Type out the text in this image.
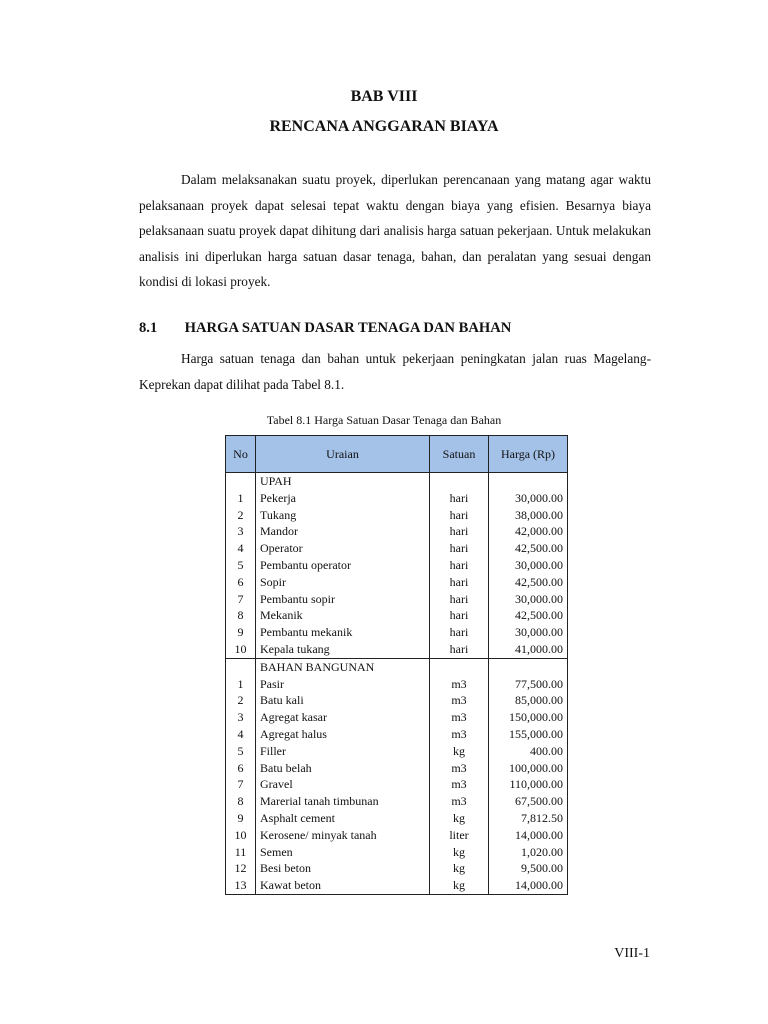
BAB VIII
RENCANA ANGGARAN BIAYA

Dalam melaksanakan suatu proyek, diperlukan perencanaan yang matang agar waktu pelaksanaan proyek dapat selesai tepat waktu dengan biaya yang efisien. Besarnya biaya pelaksanaan suatu proyek dapat dihitung dari analisis harga satuan pekerjaan. Untuk melakukan analisis ini diperlukan harga satuan dasar tenaga, bahan, dan peralatan yang sesuai dengan kondisi di lokasi proyek.

8.1 HARGA SATUAN DASAR TENAGA DAN BAHAN

Harga satuan tenaga dan bahan untuk pekerjaan peningkatan jalan ruas Magelang-Keprekan dapat dilihat pada Tabel 8.1.

Tabel 8.1 Harga Satuan Dasar Tenaga dan Bahan
No	Uraian	Satuan	Harga (Rp)
	UPAH		
1	Pekerja	hari	30,000.00
2	Tukang	hari	38,000.00
3	Mandor	hari	42,000.00
4	Operator	hari	42,500.00
5	Pembantu operator	hari	30,000.00
6	Sopir	hari	42,500.00
7	Pembantu sopir	hari	30,000.00
8	Mekanik	hari	42,500.00
9	Pembantu mekanik	hari	30,000.00
10	Kepala tukang	hari	41,000.00
	BAHAN BANGUNAN		
1	Pasir	m3	77,500.00
2	Batu kali	m3	85,000.00
3	Agregat kasar	m3	150,000.00
4	Agregat halus	m3	155,000.00
5	Filler	kg	400.00
6	Batu belah	m3	100,000.00
7	Gravel	m3	110,000.00
8	Marerial tanah timbunan	m3	67,500.00
9	Asphalt cement	kg	7,812.50
10	Kerosene/ minyak tanah	liter	14,000.00
11	Semen	kg	1,020.00
12	Besi beton	kg	9,500.00
13	Kawat beton	kg	14,000.00
VIII-1
